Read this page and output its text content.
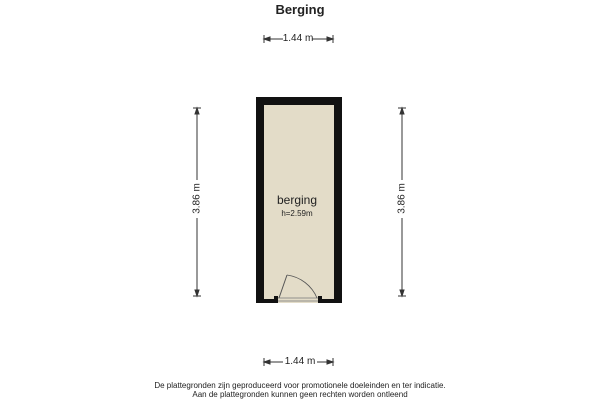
Berging
1.44 m
1.44 m
3.86 m	3.86 m
berging
h=2.59m
De plattegronden zijn geproduceerd voor promotionele doeleinden en ter indicatie.
Aan de plattegronden kunnen geen rechten worden ontleend
